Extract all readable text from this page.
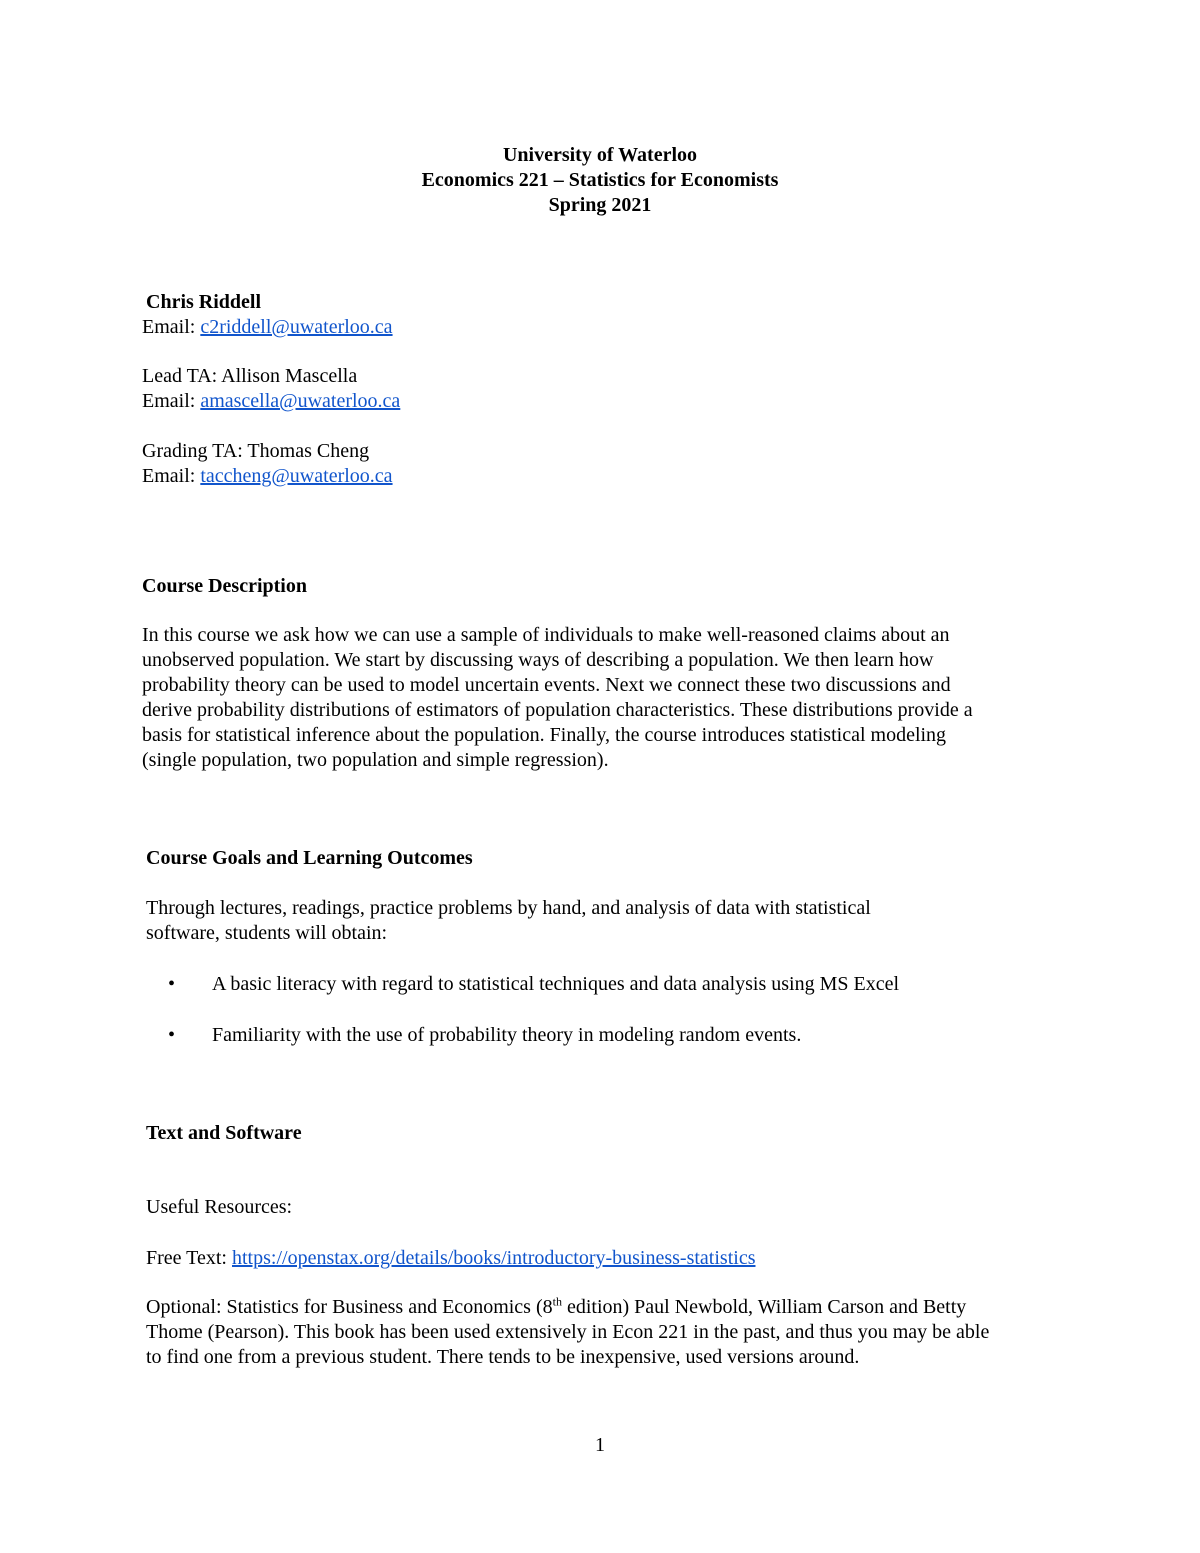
University of Waterloo
Economics 221 – Statistics for Economists
Spring 2021
Chris Riddell
Email: c2riddell@uwaterloo.ca
Lead TA: Allison Mascella
Email: amascella@uwaterloo.ca
Grading TA: Thomas Cheng
Email: taccheng@uwaterloo.ca
Course Description
In this course we ask how we can use a sample of individuals to make well-reasoned claims about an
unobserved population. We start by discussing ways of describing a population. We then learn how
probability theory can be used to model uncertain events. Next we connect these two discussions and
derive probability distributions of estimators of population characteristics. These distributions provide a
basis for statistical inference about the population. Finally, the course introduces statistical modeling
(single population, two population and simple regression).
Course Goals and Learning Outcomes
Through lectures, readings, practice problems by hand, and analysis of data with statistical
software, students will obtain:
• A basic literacy with regard to statistical techniques and data analysis using MS Excel
• Familiarity with the use of probability theory in modeling random events.
Text and Software
Useful Resources:
Free Text: https://openstax.org/details/books/introductory-business-statistics
Optional: Statistics for Business and Economics (8th edition) Paul Newbold, William Carson and Betty
Thome (Pearson). This book has been used extensively in Econ 221 in the past, and thus you may be able
to find one from a previous student. There tends to be inexpensive, used versions around.
1
